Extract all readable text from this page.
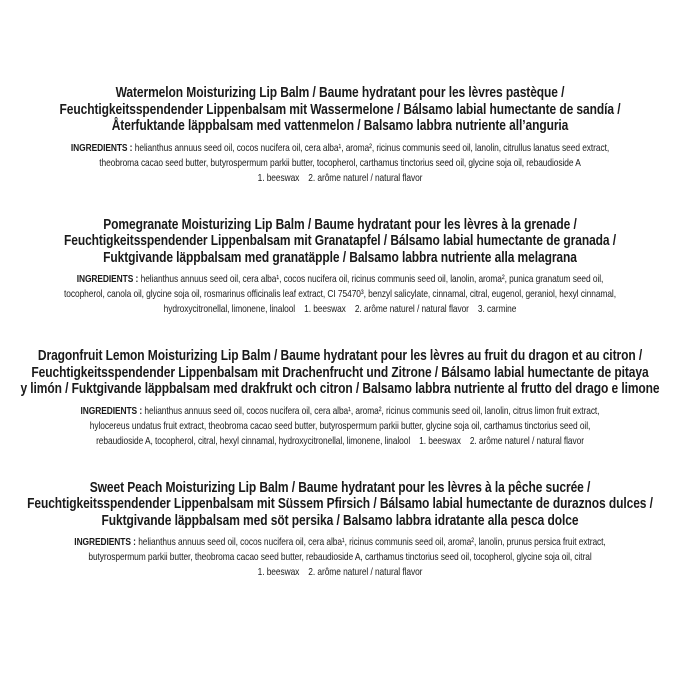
Watermelon Moisturizing Lip Balm / Baume hydratant pour les lèvres pastèque /
Feuchtigkeitsspendender Lippenbalsam mit Wassermelone / Bálsamo labial humectante de sandía /
Återfuktande läppbalsam med vattenmelon / Balsamo labbra nutriente all’anguria
INGREDIENTS : helianthus annuus seed oil, cocos nucifera oil, cera alba¹, aroma², ricinus communis seed oil, lanolin, citrullus lanatus seed extract,
theobroma cacao seed butter, butyrospermum parkii butter, tocopherol, carthamus tinctorius seed oil, glycine soja oil, rebaudioside A
1. beeswax    2. arôme naturel / natural flavor
Pomegranate Moisturizing Lip Balm / Baume hydratant pour les lèvres à la grenade /
Feuchtigkeitsspendender Lippenbalsam mit Granatapfel / Bálsamo labial humectante de granada /
Fuktgivande läppbalsam med granatäpple / Balsamo labbra nutriente alla melagrana
INGREDIENTS : helianthus annuus seed oil, cera alba¹, cocos nucifera oil, ricinus communis seed oil, lanolin, aroma², punica granatum seed oil,
tocopherol, canola oil, glycine soja oil, rosmarinus officinalis leaf extract, CI 75470³, benzyl salicylate, cinnamal, citral, eugenol, geraniol, hexyl cinnamal,
hydroxycitronellal, limonene, linalool    1. beeswax    2. arôme naturel / natural flavor    3. carmine
Dragonfruit Lemon Moisturizing Lip Balm / Baume hydratant pour les lèvres au fruit du dragon et au citron /
Feuchtigkeitsspendender Lippenbalsam mit Drachenfrucht und Zitrone / Bálsamo labial humectante de pitaya
y limón / Fuktgivande läppbalsam med drakfrukt och citron / Balsamo labbra nutriente al frutto del drago e limone
INGREDIENTS : helianthus annuus seed oil, cocos nucifera oil, cera alba¹, aroma², ricinus communis seed oil, lanolin, citrus limon fruit extract,
hylocereus undatus fruit extract, theobroma cacao seed butter, butyrospermum parkii butter, glycine soja oil, carthamus tinctorius seed oil,
rebaudioside A, tocopherol, citral, hexyl cinnamal, hydroxycitronellal, limonene, linalool    1. beeswax    2. arôme naturel / natural flavor
Sweet Peach Moisturizing Lip Balm / Baume hydratant pour les lèvres à la pêche sucrée /
Feuchtigkeitsspendender Lippenbalsam mit Süssem Pfirsich / Bálsamo labial humectante de duraznos dulces /
Fuktgivande läppbalsam med söt persika / Balsamo labbra idratante alla pesca dolce
INGREDIENTS : helianthus annuus seed oil, cocos nucifera oil, cera alba¹, ricinus communis seed oil, aroma², lanolin, prunus persica fruit extract,
butyrospermum parkii butter, theobroma cacao seed butter, rebaudioside A, carthamus tinctorius seed oil, tocopherol, glycine soja oil, citral
1. beeswax    2. arôme naturel / natural flavor
